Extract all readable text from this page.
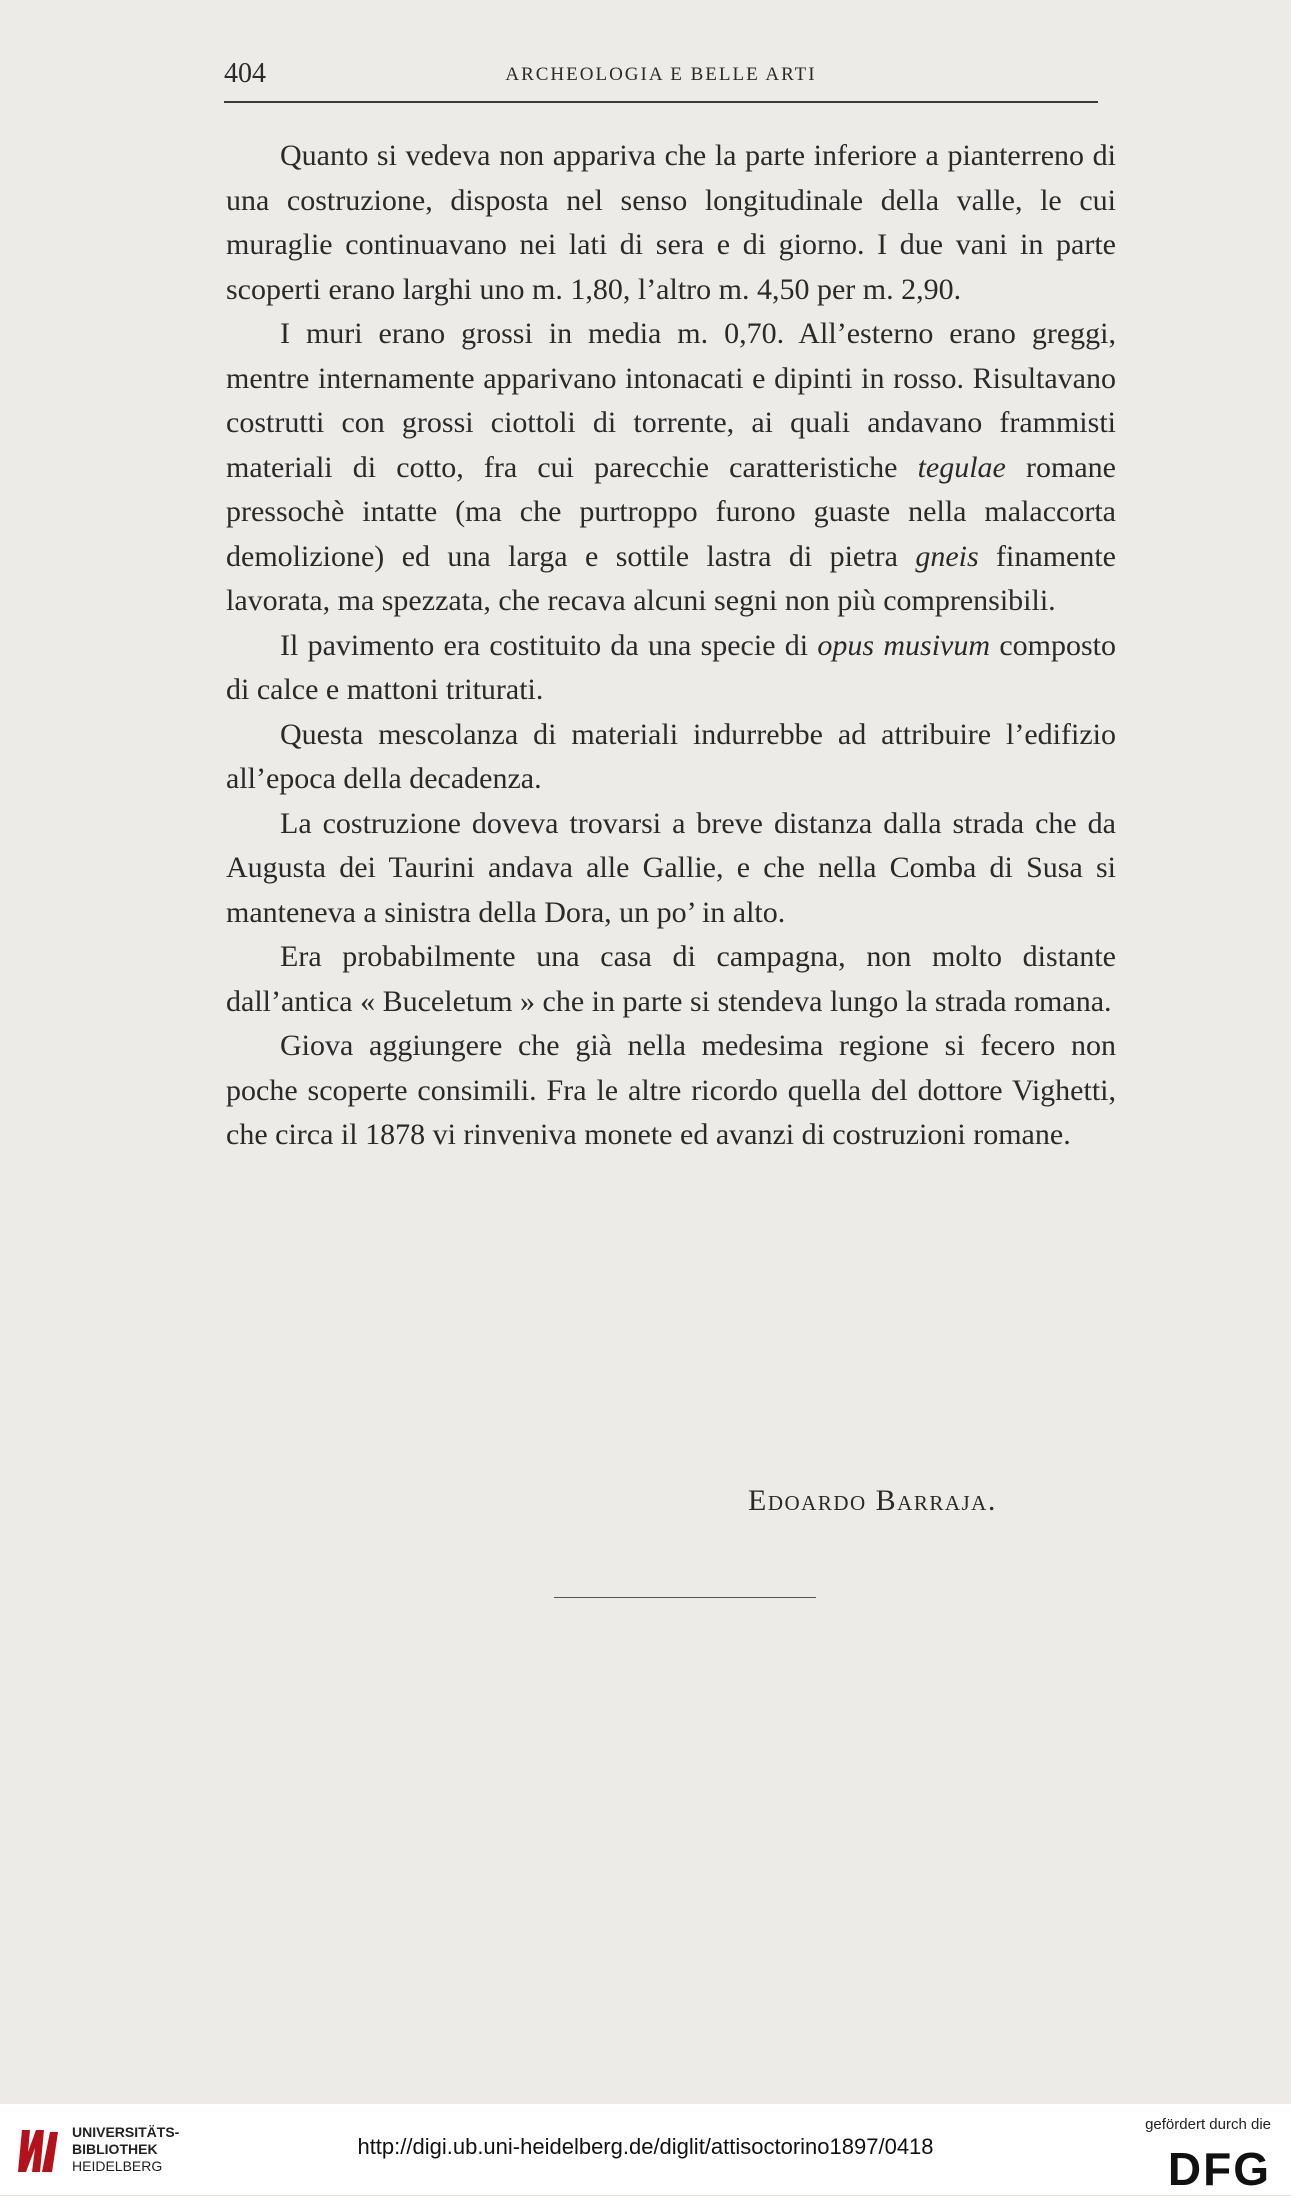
404	ARCHEOLOGIA E BELLE ARTI

Quanto si vedeva non appariva che la parte inferiore a pianterreno di una costruzione, disposta nel senso longitudinale della valle, le cui muraglie continuavano nei lati di sera e di giorno. I due vani in parte scoperti erano larghi uno m. 1,80, l’altro m. 4,50 per m. 2,90.

I muri erano grossi in media m. 0,70. All’esterno erano greggi, mentre internamente apparivano intonacati e dipinti in rosso. Risultavano costrutti con grossi ciottoli di torrente, ai quali andavano frammisti materiali di cotto, fra cui parecchie caratteristiche tegulae romane pressochè intatte (ma che purtroppo furono guaste nella malaccorta demolizione) ed una larga e sottile lastra di pietra gneis finamente lavorata, ma spezzata, che recava alcuni segni non più comprensibili.

Il pavimento era costituito da una specie di opus musivum composto di calce e mattoni triturati.

Questa mescolanza di materiali indurrebbe ad attribuire l’edifizio all’epoca della decadenza.

La costruzione doveva trovarsi a breve distanza dalla strada che da Augusta dei Taurini andava alle Gallie, e che nella Comba di Susa si manteneva a sinistra della Dora, un po’ in alto.

Era probabilmente una casa di campagna, non molto distante dall’antica « Buceletum » che in parte si stendeva lungo la strada romana.

Giova aggiungere che già nella medesima regione si fecero non poche scoperte consimili. Fra le altre ricordo quella del dottore Vighetti, che circa il 1878 vi rinveniva monete ed avanzi di costruzioni romane.

Edoardo Barraja.
UNIVERSITÄTS-
BIBLIOTHEK
HEIDELBERG
http://digi.ub.uni-heidelberg.de/diglit/attisoctorino1897/0418
gefördert durch die
DFG
